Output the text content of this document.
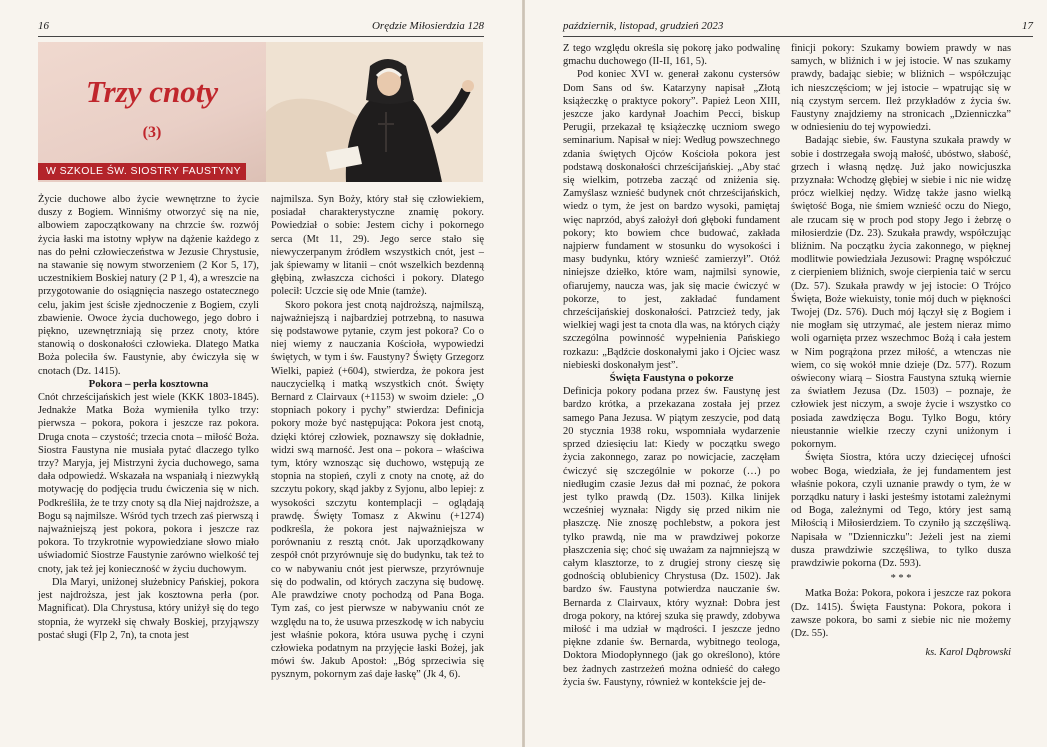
16	Orędzie Miłosierdzia 128
Trzy cnoty
(3)
W SZKOLE ŚW. SIOSTRY FAUSTYNY

Życie duchowe albo życie wewnętrzne to życie duszy z Bogiem. Winniśmy otworzyć się na nie, albowiem zapoczątkowany na chrzcie św. rozwój życia łaski ma istotny wpływ na dążenie każdego z nas do pełni człowieczeństwa w Jezusie Chrystusie, na stawanie się nowym stworzeniem (2 Kor 5, 17), uczestnikiem Boskiej natury (2 P 1, 4), a wreszcie na przygotowanie do osiągnięcia naszego ostatecznego celu, jakim jest ścisłe zjednoczenie z Bogiem, czyli zbawienie. Owoce życia duchowego, jego dobro i piękno, uzewnętrzniają się przez cnoty, które stanowią o doskonałości człowieka. Dlatego Matka Boża poleciła św. Faustynie, aby ćwiczyła się w cnotach (Dz. 1415).

Pokora – perła kosztowna

Cnót chrześcijańskich jest wiele (KKK 1803-1845). Jednakże Matka Boża wymieniła tylko trzy: pierwsza – pokora, pokora i jeszcze raz pokora. Druga cnota – czystość; trzecia cnota – miłość Boża. Siostra Faustyna nie musiała pytać dlaczego tylko trzy? Maryja, jej Mistrzyni życia duchowego, sama dała odpowiedź. Wskazała na wspaniałą i niezwykłą motywację do podjęcia trudu ćwiczenia się w nich. Podkreśliła, że te trzy cnoty są dla Niej najdroższe, a Bogu są najmilsze. Wśród tych trzech zaś pierwszą i najważniejszą jest pokora, pokora i jeszcze raz pokora. To trzykrotnie wypowiedziane słowo miało uświadomić Siostrze Faustynie zarówno wielkość tej cnoty, jak też jej konieczność w życiu duchowym.

Dla Maryi, uniżonej służebnicy Pańskiej, pokora jest najdroższa, jest jak kosztowna perła (por. Magnificat). Dla Chrystusa, który uniżył się do tego stopnia, że wyrzekł się chwały Boskiej, przyjąwszy postać sługi (Flp 2, 7n), ta cnota jest

najmilsza. Syn Boży, który stał się człowiekiem, posiadał charakterystyczne znamię pokory. Powiedział o sobie: Jestem cichy i pokornego serca (Mt 11, 29). Jego serce stało się niewyczerpanym źródłem wszystkich cnót, jest – jak śpiewamy w litanii – cnót wszelkich bezdenną głębiną, zwłaszcza cichości i pokory. Dlatego polecił: Uczcie się ode Mnie (tamże).

Skoro pokora jest cnotą najdroższą, najmilszą, najważniejszą i najbardziej potrzebną, to nasuwa się podstawowe pytanie, czym jest pokora? Co o niej wiemy z nauczania Kościoła, wypowiedzi świętych, w tym i św. Faustyny? Święty Grzegorz Wielki, papież (+604), stwierdza, że pokora jest nauczycielką i matką wszystkich cnót. Święty Bernard z Clairvaux (+1153) w swoim dziele: „O stopniach pokory i pychy” stwierdza: Definicja pokory może być następująca: Pokora jest cnotą, dzięki której człowiek, poznawszy się dokładnie, widzi swą marność. Jest ona – pokora – właściwa tym, który wznosząc się duchowo, wstępują ze stopnia na stopień, czyli z cnoty na cnotę, aż do szczytu pokory, skąd jakby z Syjonu, albo lepiej: z wysokości szczytu kontemplacji – oglądają prawdę. Święty Tomasz z Akwinu (+1274) podkreśla, że pokora jest najważniejsza w porównaniu z resztą cnót. Jak uporządkowany zespół cnót przyrównuje się do budynku, tak też to co w nabywaniu cnót jest pierwsze, przyrównuje się do podwalin, od których zaczyna się budowę. Ale prawdziwe cnoty pochodzą od Pana Boga. Tym zaś, co jest pierwsze w nabywaniu cnót ze względu na to, że usuwa przeszkodę w ich nabyciu jest właśnie pokora, która usuwa pychę i czyni człowieka podatnym na przyjęcie łaski Bożej, jak mówi św. Jakub Apostoł: „Bóg sprzeciwia się pysznym, pokornym zaś daje łaskę” (Jk 4, 6).

październik, listopad, grudzień 2023	17

Z tego względu określa się pokorę jako podwalinę gmachu duchowego (II-II, 161, 5).

Pod koniec XVI w. generał zakonu cystersów Dom Sans od św. Katarzyny napisał „Złotą książeczkę o praktyce pokory”. Papież Leon XIII, jeszcze jako kardynał Joachim Pecci, biskup Perugii, przekazał tę książeczkę uczniom swego seminarium. Napisał w niej: Według powszechnego zdania świętych Ojców Kościoła pokora jest podstawą doskonałości chrześcijańskiej. „Aby stać się wielkim, potrzeba zacząć od zniżenia się. Zamyślasz wznieść budynek cnót chrześcijańskich, wiedz o tym, że jest on bardzo wysoki, pamiętaj więc naprzód, abyś założył doń głęboki fundament pokory; kto bowiem chce budować, zakłada najpierw fundament w stosunku do wysokości i masy budynku, który wznieść zamierzył”. Otóż niniejsze dziełko, które wam, najmilsi synowie, ofiarujemy, naucza was, jak się macie ćwiczyć w pokorze, to jest, zakładać fundament chrześcijańskiej doskonałości. Patrzcież tedy, jak wielkiej wagi jest ta cnota dla was, na których ciąży szczególna powinność wypełnienia Pańskiego rozkazu: „Bądźcie doskonałymi jako i Ojciec wasz niebieski doskonałym jest”.

Święta Faustyna o pokorze

Definicja pokory podana przez św. Faustynę jest bardzo krótka, a przekazana została jej przez samego Pana Jezusa. W piątym zeszycie, pod datą 20 stycznia 1938 roku, wspomniała wydarzenie sprzed dziesięciu lat: Kiedy w początku swego życia zakonnego, zaraz po nowicjacie, zaczęłam ćwiczyć się szczególnie w pokorze (…) po niedługim czasie Jezus dał mi poznać, że pokora jest tylko prawdą (Dz. 1503). Kilka linijek wcześniej wyznała: Nigdy się przed nikim nie płaszczę. Nie znoszę pochlebstw, a pokora jest tylko prawdą, nie ma w prawdziwej pokorze płaszczenia się; choć się uważam za najmniejszą w całym klasztorze, to z drugiej strony cieszę się godnością oblubienicy Chrystusa (Dz. 1502). Jak bardzo św. Faustyna potwierdza nauczanie św. Bernarda z Clairvaux, który wyznał: Dobra jest droga pokory, na której szuka się prawdy, zdobywa miłość i ma udział w mądrości. I jeszcze jedno piękne zdanie św. Bernarda, wybitnego teologa, Doktora Miodopłynnego (jak go określono), które bez żadnych zastrzeżeń można odnieść do całego życia św. Faustyny, również w kontekście jej de-

finicji pokory: Szukamy bowiem prawdy w nas samych, w bliźnich i w jej istocie. W nas szukamy prawdy, badając siebie; w bliźnich – współczując ich nieszczęściom; w jej istocie – wpatrując się w nią czystym sercem. Ileż przykładów z życia św. Faustyny znajdziemy na stronicach „Dzienniczka” w odniesieniu do tej wypowiedzi.

Badając siebie, św. Faustyna szukała prawdy w sobie i dostrzegała swoją małość, ubóstwo, słabość, grzech i własną nędzę. Już jako nowicjuszka przyznała: Wchodzę głębiej w siebie i nic nie widzę prócz wielkiej nędzy. Widzę także jasno wielką świętość Boga, nie śmiem wznieść oczu do Niego, ale rzucam się w proch pod stopy Jego i żebrzę o miłosierdzie (Dz. 23). Szukała prawdy, współczując bliźnim. Na początku życia zakonnego, w pięknej modlitwie powiedziała Jezusowi: Pragnę współczuć z cierpieniem bliźnich, swoje cierpienia taić w sercu (Dz. 57). Szukała prawdy w jej istocie: O Trójco Święta, Boże wiekuisty, tonie mój duch w piękności Twojej (Dz. 576). Duch mój łączył się z Bogiem i nie mogłam się utrzymać, ale jestem nieraz mimo woli ogarnięta przez wszechmoc Bożą i cała jestem w Nim pogrążona przez miłość, a wtenczas nie wiem, co się wokół mnie dzieje (Dz. 577). Rozum oświecony wiarą – Siostra Faustyna sztuką wiernie za światłem Jezusa (Dz. 1503) – poznaje, że człowiek jest niczym, a swoje życie i wszystko co posiada zawdzięcza Bogu. Tylko Bogu, który nieustannie wielkie rzeczy czyni uniżonym i pokornym.

Święta Siostra, która uczy dziecięcej ufności wobec Boga, wiedziała, że jej fundamentem jest właśnie pokora, czyli uznanie prawdy o tym, że w porządku natury i łaski jesteśmy istotami zależnymi od Boga, zależnymi od Tego, który jest samą Miłością i Miłosierdziem. To czyniło ją szczęśliwą. Napisała w "Dzienniczku": Jeżeli jest na ziemi dusza prawdziwie szczęśliwa, to tylko dusza prawdziwie pokorna (Dz. 593).

* * *

Matka Boża: Pokora, pokora i jeszcze raz pokora (Dz. 1415). Święta Faustyna: Pokora, pokora i zawsze pokora, bo sami z siebie nic nie możemy (Dz. 55).

ks. Karol Dąbrowski
